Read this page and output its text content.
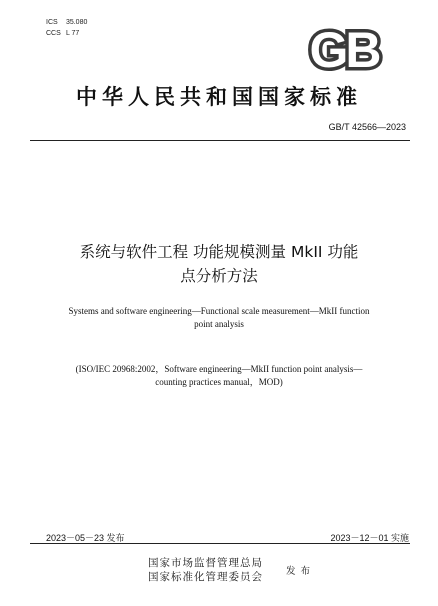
ICS 35.080
CCS L 77	GB
中华人民共和国国家标准
GB/T 42566—2023
系统与软件工程 功能规模测量 MkII 功能
点分析方法
Systems and software engineering—Functional scale measurement—MkII function
point analysis
(ISO/IEC 20968:2002，Software engineering—MkII function point analysis—
counting practices manual，MOD)
2023－05－23 发布	2023－12－01 实施
国家市场监督管理总局
国家标准化管理委员会 发 布
